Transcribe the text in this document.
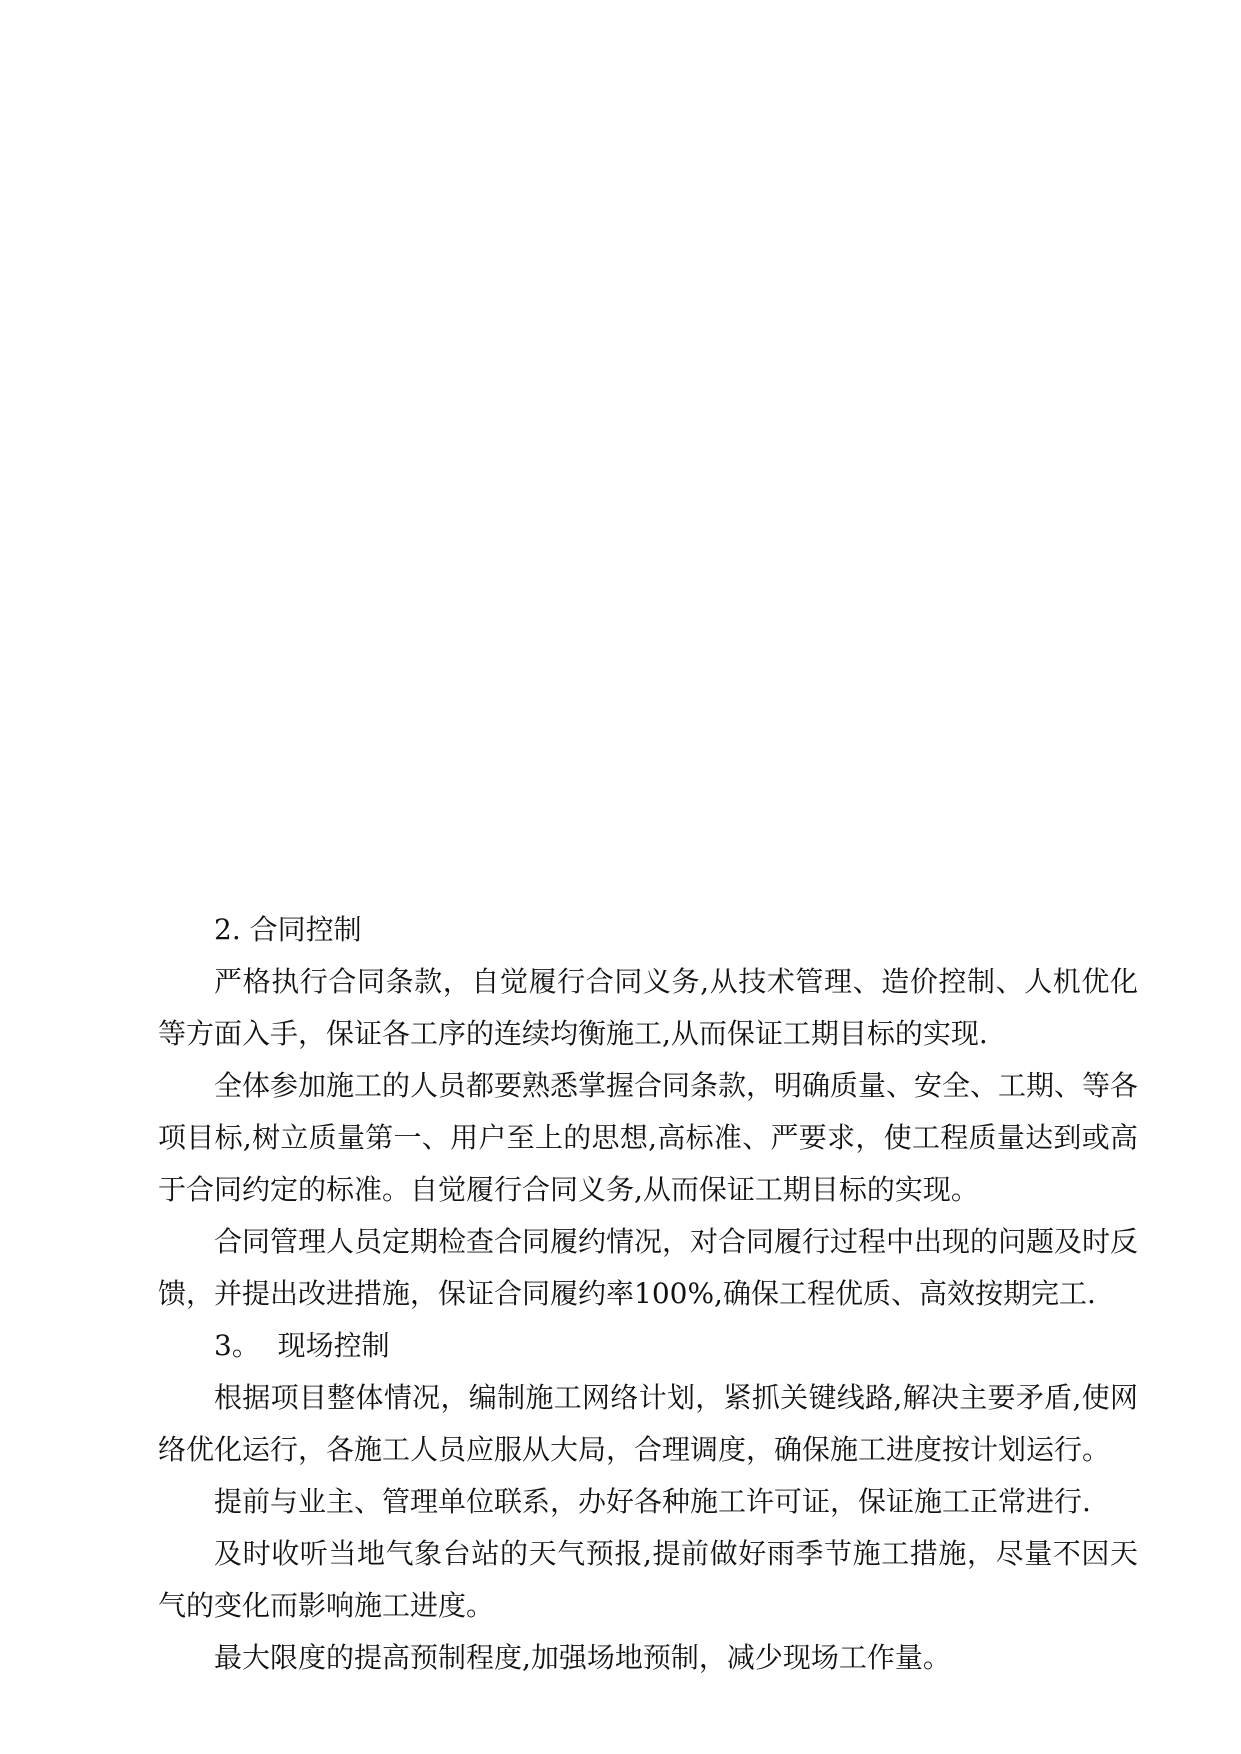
2. 合同控制

严格执行合同条款，自觉履行合同义务,从技术管理、造价控制、人机优化等方面入手，保证各工序的连续均衡施工,从而保证工期目标的实现.

全体参加施工的人员都要熟悉掌握合同条款，明确质量、安全、工期、等各项目标,树立质量第一、用户至上的思想,高标准、严要求，使工程质量达到或高于合同约定的标准。自觉履行合同义务,从而保证工期目标的实现。

合同管理人员定期检查合同履约情况，对合同履行过程中出现的问题及时反馈，并提出改进措施，保证合同履约率100%,确保工程优质、高效按期完工.

3。  现场控制

根据项目整体情况，编制施工网络计划，紧抓关键线路,解决主要矛盾,使网络优化运行，各施工人员应服从大局，合理调度，确保施工进度按计划运行。

提前与业主、管理单位联系，办好各种施工许可证，保证施工正常进行.

及时收听当地气象台站的天气预报,提前做好雨季节施工措施，尽量不因天气的变化而影响施工进度。

最大限度的提高预制程度,加强场地预制，减少现场工作量。
